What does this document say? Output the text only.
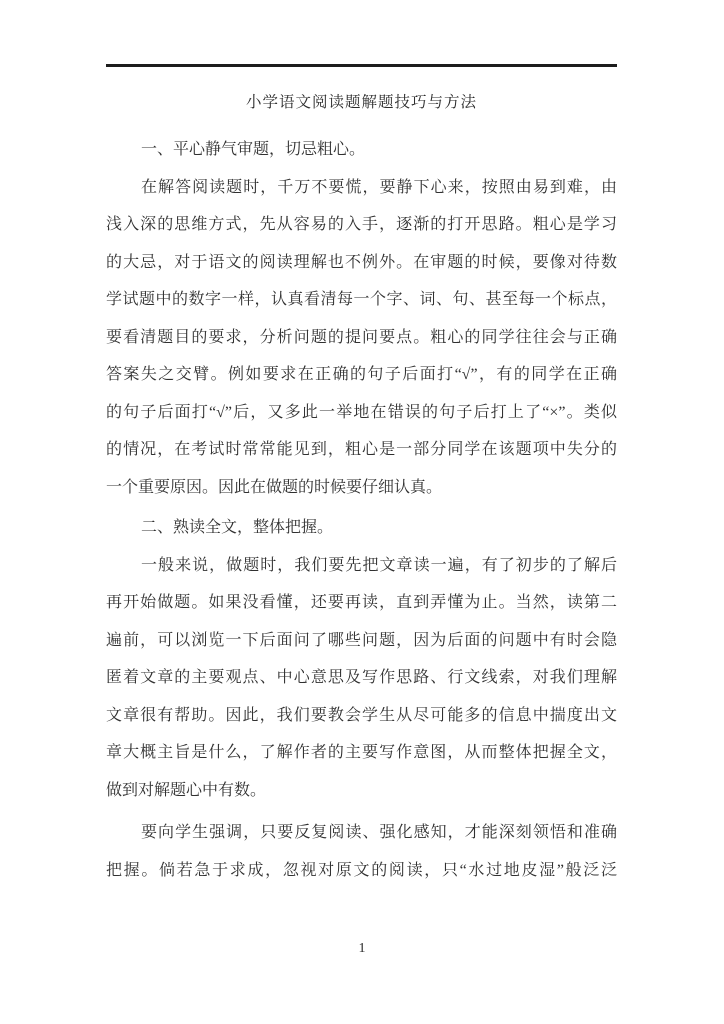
小学语文阅读题解题技巧与方法
一、平心静气审题，切忌粗心。
在解答阅读题时，千万不要慌，要静下心来，按照由易到难，由
浅入深的思维方式，先从容易的入手，逐渐的打开思路。粗心是学习
的大忌，对于语文的阅读理解也不例外。在审题的时候，要像对待数
学试题中的数字一样，认真看清每一个字、词、句、甚至每一个标点，
要看清题目的要求，分析问题的提问要点。粗心的同学往往会与正确
答案失之交臂。例如要求在正确的句子后面打“√”，有的同学在正确
的句子后面打“√”后，又多此一举地在错误的句子后打上了“×”。类似
的情况，在考试时常常能见到，粗心是一部分同学在该题项中失分的
一个重要原因。因此在做题的时候要仔细认真。
二、熟读全文，整体把握。
一般来说，做题时，我们要先把文章读一遍，有了初步的了解后
再开始做题。如果没看懂，还要再读，直到弄懂为止。当然，读第二
遍前，可以浏览一下后面问了哪些问题，因为后面的问题中有时会隐
匿着文章的主要观点、中心意思及写作思路、行文线索，对我们理解
文章很有帮助。因此，我们要教会学生从尽可能多的信息中揣度出文
章大概主旨是什么，了解作者的主要写作意图，从而整体把握全文，
做到对解题心中有数。
要向学生强调，只要反复阅读、强化感知，才能深刻领悟和准确
把握。倘若急于求成，忽视对原文的阅读，只“水过地皮湿”般泛泛
1
